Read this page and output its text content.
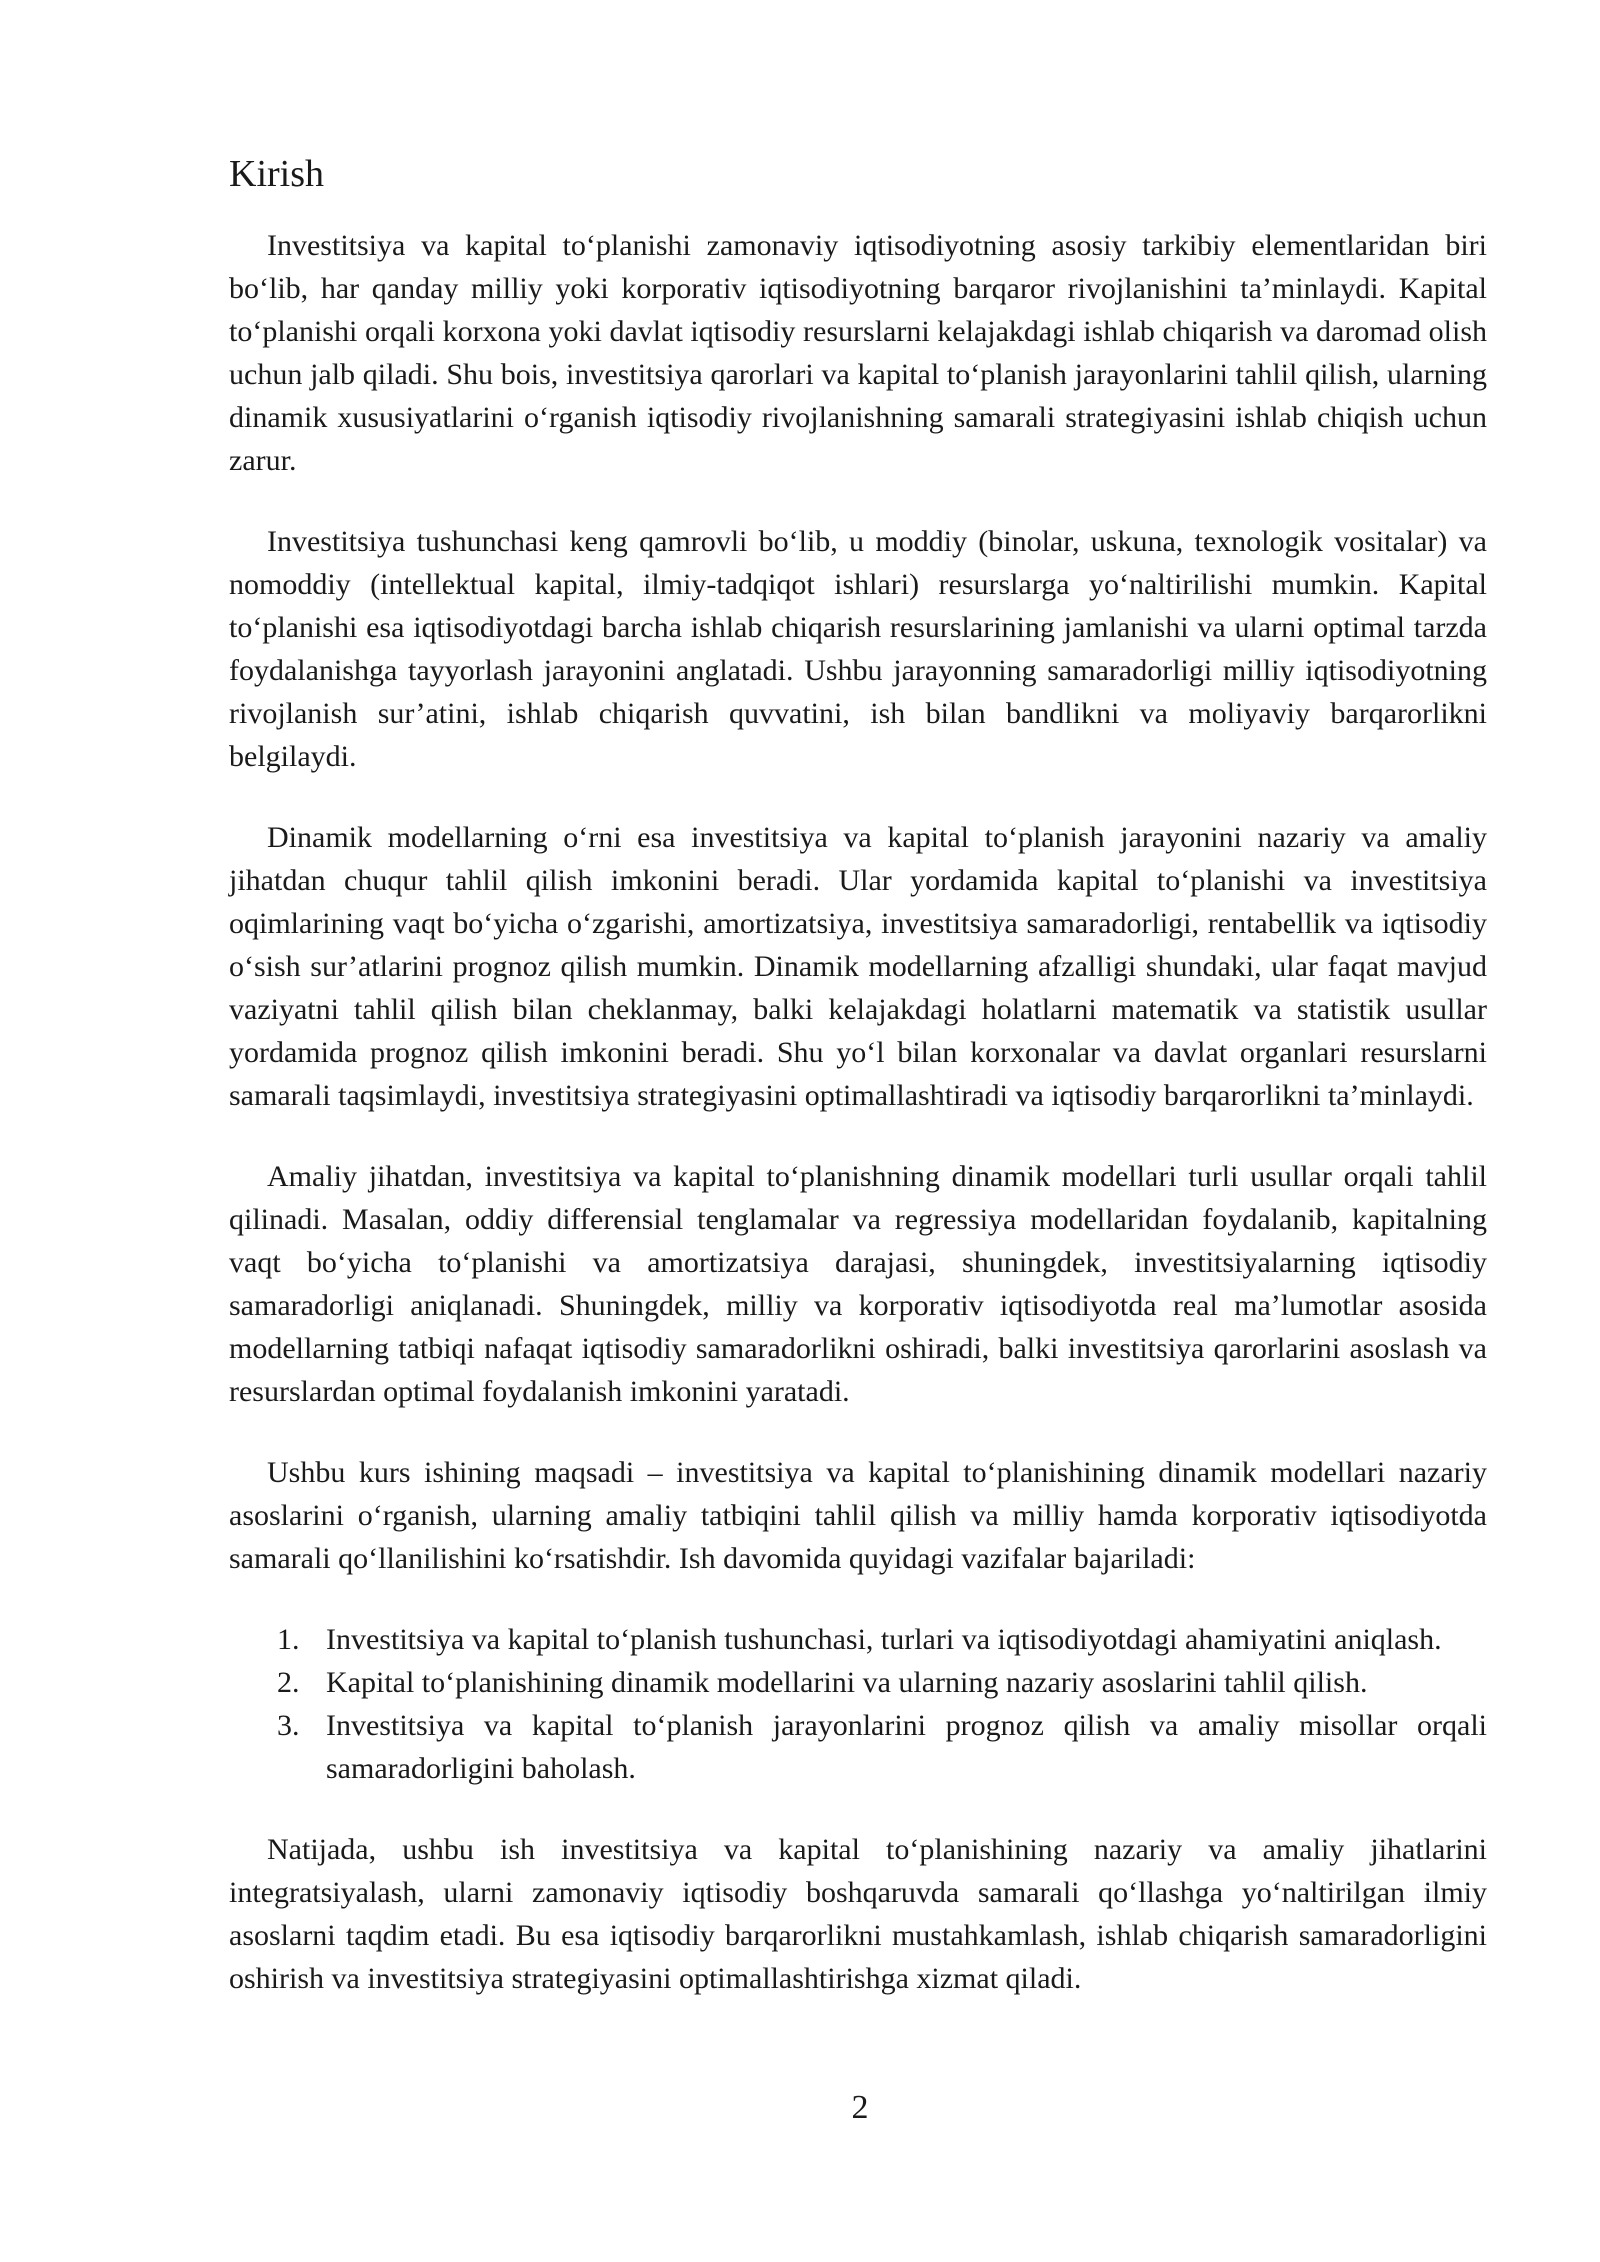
Kirish

Investitsiya va kapital to‘planishi zamonaviy iqtisodiyotning asosiy tarkibiy elementlaridan biri bo‘lib, har qanday milliy yoki korporativ iqtisodiyotning barqaror rivojlanishini ta’minlaydi. Kapital to‘planishi orqali korxona yoki davlat iqtisodiy resurslarni kelajakdagi ishlab chiqarish va daromad olish uchun jalb qiladi. Shu bois, investitsiya qarorlari va kapital to‘planish jarayonlarini tahlil qilish, ularning dinamik xususiyatlarini o‘rganish iqtisodiy rivojlanishning samarali strategiyasini ishlab chiqish uchun zarur.

Investitsiya tushunchasi keng qamrovli bo‘lib, u moddiy (binolar, uskuna, texnologik vositalar) va nomoddiy (intellektual kapital, ilmiy-tadqiqot ishlari) resurslarga yo‘naltirilishi mumkin. Kapital to‘planishi esa iqtisodiyotdagi barcha ishlab chiqarish resurslarining jamlanishi va ularni optimal tarzda foydalanishga tayyorlash jarayonini anglatadi. Ushbu jarayonning samaradorligi milliy iqtisodiyotning rivojlanish sur’atini, ishlab chiqarish quvvatini, ish bilan bandlikni va moliyaviy barqarorlikni belgilaydi.

Dinamik modellarning o‘rni esa investitsiya va kapital to‘planish jarayonini nazariy va amaliy jihatdan chuqur tahlil qilish imkonini beradi. Ular yordamida kapital to‘planishi va investitsiya oqimlarining vaqt bo‘yicha o‘zgarishi, amortizatsiya, investitsiya samaradorligi, rentabellik va iqtisodiy o‘sish sur’atlarini prognoz qilish mumkin. Dinamik modellarning afzalligi shundaki, ular faqat mavjud vaziyatni tahlil qilish bilan cheklanmay, balki kelajakdagi holatlarni matematik va statistik usullar yordamida prognoz qilish imkonini beradi. Shu yo‘l bilan korxonalar va davlat organlari resurslarni samarali taqsimlaydi, investitsiya strategiyasini optimallashtiradi va iqtisodiy barqarorlikni ta’minlaydi.

Amaliy jihatdan, investitsiya va kapital to‘planishning dinamik modellari turli usullar orqali tahlil qilinadi. Masalan, oddiy differensial tenglamalar va regressiya modellaridan foydalanib, kapitalning vaqt bo‘yicha to‘planishi va amortizatsiya darajasi, shuningdek, investitsiyalarning iqtisodiy samaradorligi aniqlanadi. Shuningdek, milliy va korporativ iqtisodiyotda real ma’lumotlar asosida modellarning tatbiqi nafaqat iqtisodiy samaradorlikni oshiradi, balki investitsiya qarorlarini asoslash va resurslardan optimal foydalanish imkonini yaratadi.

Ushbu kurs ishining maqsadi – investitsiya va kapital to‘planishining dinamik modellari nazariy asoslarini o‘rganish, ularning amaliy tatbiqini tahlil qilish va milliy hamda korporativ iqtisodiyotda samarali qo‘llanilishini ko‘rsatishdir. Ish davomida quyidagi vazifalar bajariladi:

1. Investitsiya va kapital to‘planish tushunchasi, turlari va iqtisodiyotdagi ahamiyatini aniqlash.
2. Kapital to‘planishining dinamik modellarini va ularning nazariy asoslarini tahlil qilish.
3. Investitsiya va kapital to‘planish jarayonlarini prognoz qilish va amaliy misollar orqali samaradorligini baholash.

Natijada, ushbu ish investitsiya va kapital to‘planishining nazariy va amaliy jihatlarini integratsiyalash, ularni zamonaviy iqtisodiy boshqaruvda samarali qo‘llashga yo‘naltirilgan ilmiy asoslarni taqdim etadi. Bu esa iqtisodiy barqarorlikni mustahkamlash, ishlab chiqarish samaradorligini oshirish va investitsiya strategiyasini optimallashtirishga xizmat qiladi.

2
